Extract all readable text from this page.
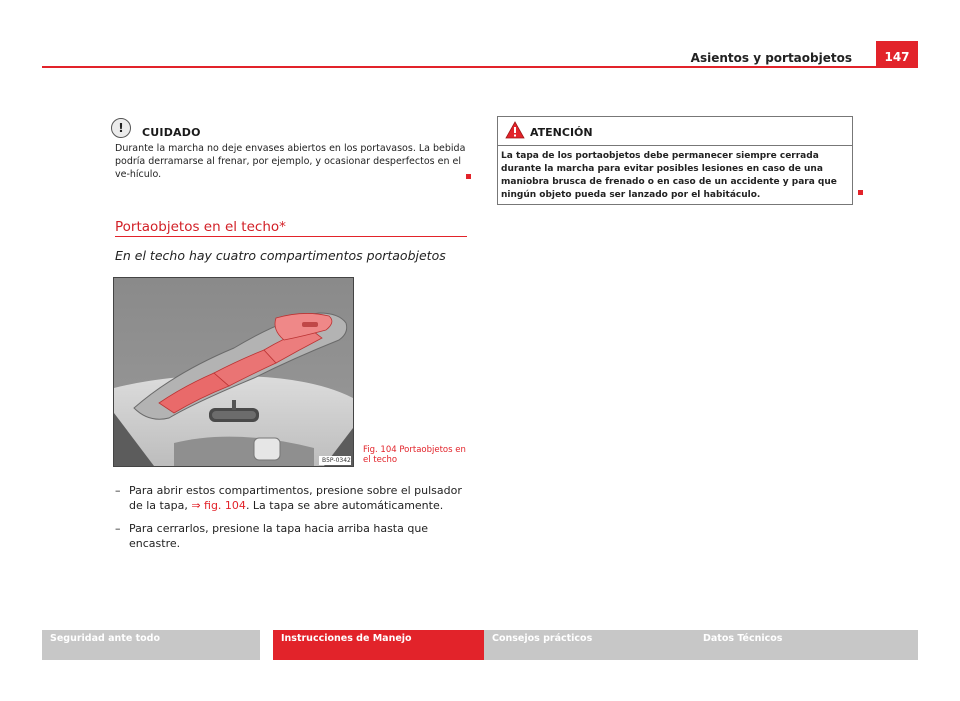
Asientos y portaobjetos	147
!	CUIDADO
Durante la marcha no deje envases abiertos en los portavasos. La bebida podría derramarse al frenar, por ejemplo, y ocasionar desperfectos en el ve-hículo.
Portaobjetos en el techo*
En el techo hay cuatro compartimentos portaobjetos
B5P-0342
Fig. 104 Portaobjetos en el techo
– Para abrir estos compartimentos, presione sobre el pulsador de la tapa, ⇒ fig. 104. La tapa se abre automáticamente.
– Para cerrarlos, presione la tapa hacia arriba hasta que encastre.
ATENCIÓN
La tapa de los portaobjetos debe permanecer siempre cerrada durante la marcha para evitar posibles lesiones en caso de una maniobra brusca de frenado o en caso de un accidente y para que ningún objeto pueda ser lanzado por el habitáculo.
Seguridad ante todo	Instrucciones de Manejo	Consejos prácticos	Datos Técnicos
